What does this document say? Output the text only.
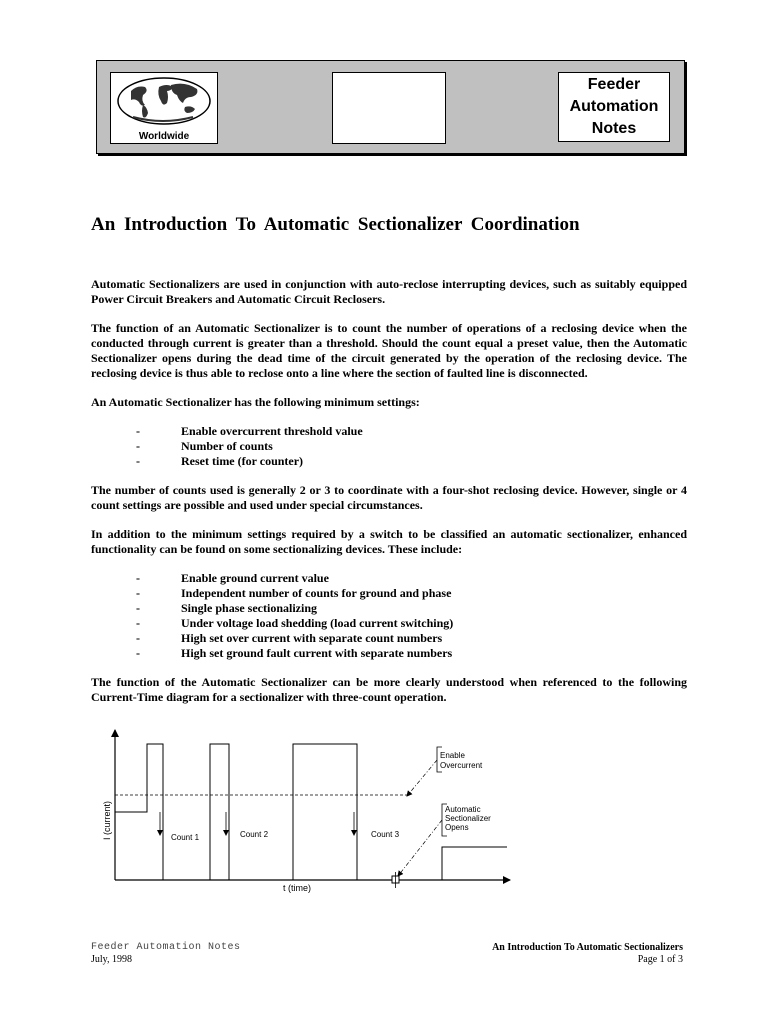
Worldwide
Feeder
Automation
Notes
An Introduction To Automatic Sectionalizer Coordination

Automatic Sectionalizers are used in conjunction with auto-reclose interrupting devices, such as suitably equipped Power Circuit Breakers and Automatic Circuit Reclosers.

The function of an Automatic Sectionalizer is to count the number of operations of a reclosing device when the conducted through current is greater than a threshold. Should the count equal a preset value, then the Automatic Sectionalizer opens during the dead time of the circuit generated by the operation of the reclosing device. The reclosing device is thus able to reclose onto a line where the section of faulted line is disconnected.

An Automatic Sectionalizer has the following minimum settings:

-	Enable overcurrent threshold value
-	Number of counts
-	Reset time (for counter)

The number of counts used is generally 2 or 3 to coordinate with a four-shot reclosing device. However, single or 4 count settings are possible and used under special circumstances.

In addition to the minimum settings required by a switch to be classified an automatic sectionalizer, enhanced functionality can be found on some sectionalizing devices. These include:

-	Enable ground current value
-	Independent number of counts for ground and phase
-	Single phase sectionalizing
-	Under voltage load shedding (load current switching)
-	High set over current with separate count numbers
-	High set ground fault current with separate numbers

The function of the Automatic Sectionalizer can be more clearly understood when referenced to the following Current-Time diagram for a sectionalizer with three-count operation.

I (current)
t (time)
Count 1	Count 2	Count 3
Enable
Overcurrent
Automatic
Sectionalizer
Opens
Feeder Automation Notes
July, 1998
An Introduction To Automatic Sectionalizers
Page 1 of 3
